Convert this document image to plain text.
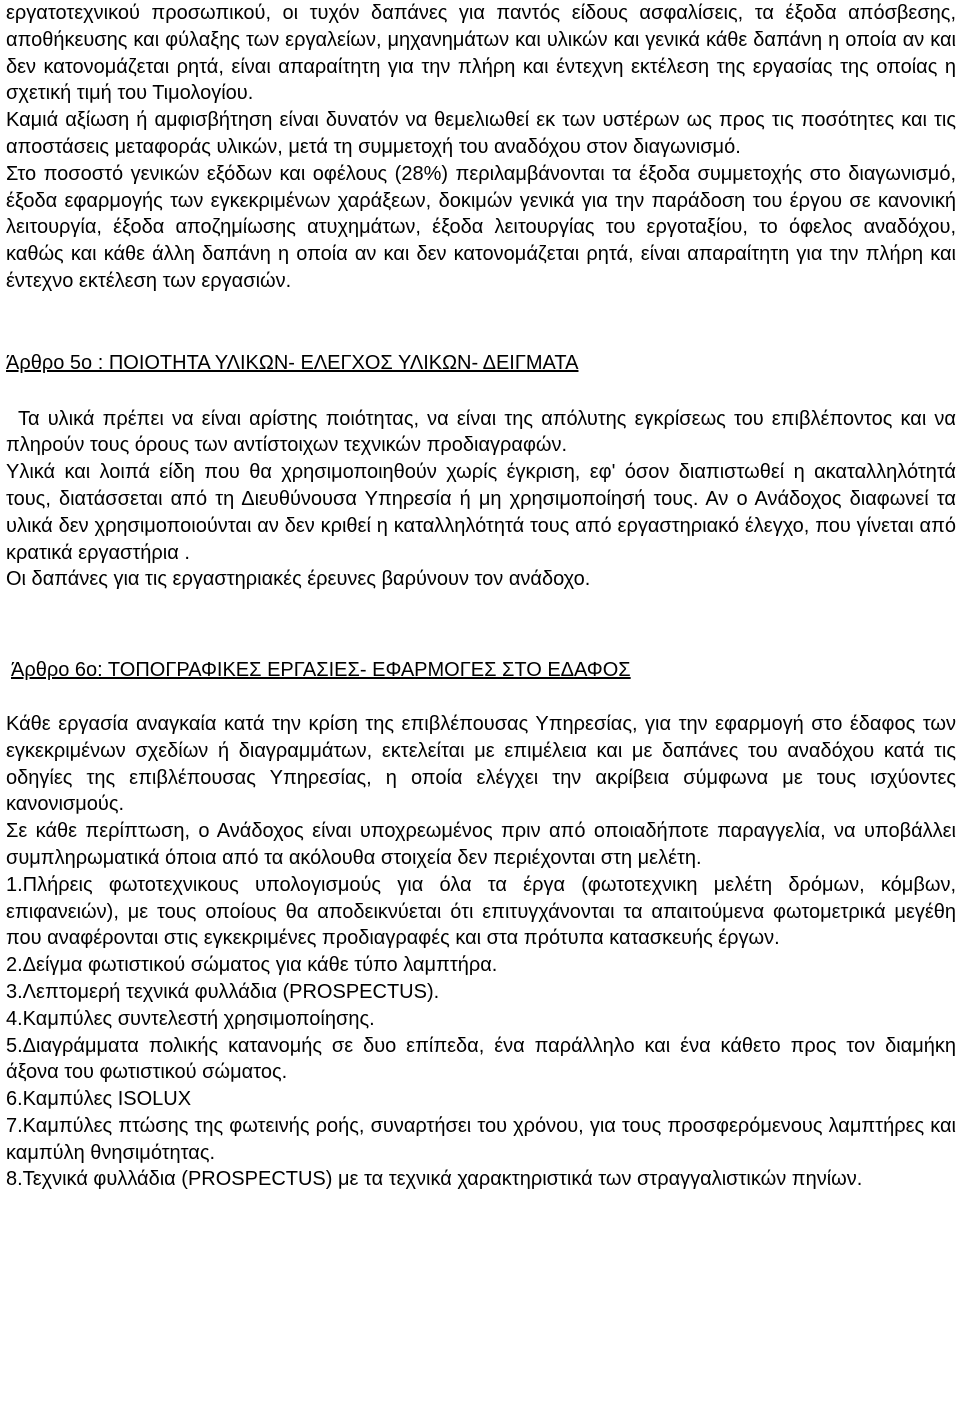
εργατοτεχνικού προσωπικού, οι τυχόν δαπάνες για παντός είδους ασφαλίσεις, τα έξοδα απόσβεσης, αποθήκευσης και φύλαξης των εργαλείων, μηχανημάτων και υλικών και γενικά κάθε δαπάνη η οποία αν και δεν κατονομάζεται ρητά, είναι απαραίτητη για την πλήρη και έντεχνη εκτέλεση της εργασίας της οποίας η σχετική τιμή του Τιμολογίου.

Καμιά αξίωση ή αμφισβήτηση είναι δυνατόν να θεμελιωθεί εκ των υστέρων ως προς τις ποσότητες και τις αποστάσεις μεταφοράς υλικών, μετά τη συμμετοχή του αναδόχου στον διαγωνισμό.

Στο ποσοστό γενικών εξόδων και οφέλους (28%) περιλαμβάνονται τα έξοδα συμμετοχής στο διαγωνισμό, έξοδα εφαρμογής των εγκεκριμένων χαράξεων, δοκιμών γενικά για την παράδοση του έργου σε κανονική λειτουργία, έξοδα αποζημίωσης ατυχημάτων, έξοδα λειτουργίας του εργοταξίου, το όφελος αναδόχου, καθώς και κάθε άλλη δαπάνη η οποία αν και δεν κατονομάζεται ρητά, είναι απαραίτητη για την πλήρη και έντεχνο εκτέλεση των εργασιών.

Άρθρο 5ο : ΠΟΙΟΤΗΤΑ ΥΛΙΚΩΝ- ΕΛΕΓΧΟΣ ΥΛΙΚΩΝ- ΔΕΙΓΜΑΤΑ

Τα υλικά πρέπει να είναι αρίστης ποιότητας, να είναι της απόλυτης εγκρίσεως του επιβλέποντος και να πληρούν τους όρους των αντίστοιχων τεχνικών προδιαγραφών.

Υλικά και λοιπά είδη που θα χρησιμοποιηθούν χωρίς έγκριση, εφ' όσον διαπιστωθεί η ακαταλληλότητά τους, διατάσσεται από τη Διευθύνουσα Υπηρεσία ή μη χρησιμοποίησή τους. Αν ο Ανάδοχος διαφωνεί τα υλικά δεν χρησιμοποιούνται αν δεν κριθεί η καταλληλότητά τους από εργαστηριακό έλεγχο, που γίνεται από κρατικά εργαστήρια .

Οι δαπάνες για τις εργαστηριακές έρευνες βαρύνουν τον ανάδοχο.

Άρθρο 6ο: ΤΟΠΟΓΡΑΦΙΚΕΣ ΕΡΓΑΣΙΕΣ- ΕΦΑΡΜΟΓΕΣ ΣΤΟ ΕΔΑΦΟΣ

Κάθε εργασία αναγκαία κατά την κρίση της επιβλέπουσας Υπηρεσίας, για την εφαρμογή στο έδαφος των εγκεκριμένων σχεδίων ή διαγραμμάτων, εκτελείται με επιμέλεια και με δαπάνες του αναδόχου κατά τις οδηγίες της επιβλέπουσας Υπηρεσίας, η οποία ελέγχει την ακρίβεια σύμφωνα με τους ισχύοντες κανονισμούς.

Σε κάθε περίπτωση, ο Ανάδοχος είναι υποχρεωμένος πριν από οποιαδήποτε παραγγελία, να υποβάλλει συμπληρωματικά όποια από τα ακόλουθα στοιχεία δεν περιέχονται στη μελέτη.

1.Πλήρεις φωτοτεχνικους υπολογισμούς για όλα τα έργα (φωτοτεχνικη μελέτη δρόμων, κόμβων, επιφανειών), με τους οποίους θα αποδεικνύεται ότι επιτυγχάνονται τα απαιτούμενα φωτομετρικά μεγέθη που αναφέρονται στις εγκεκριμένες προδιαγραφές και στα πρότυπα κατασκευής έργων.

2.Δείγμα φωτιστικού σώματος για κάθε τύπο λαμπτήρα.

3.Λεπτομερή τεχνικά φυλλάδια (PROSPECTUS).

4.Καμπύλες συντελεστή χρησιμοποίησης.

5.Διαγράμματα πολικής κατανομής σε δυο επίπεδα, ένα παράλληλο και ένα κάθετο προς τον διαμήκη άξονα του φωτιστικού σώματος.

6.Καμπύλες ISOLUX

7.Καμπύλες πτώσης της φωτεινής ροής, συναρτήσει του χρόνου, για τους προσφερόμενους λαμπτήρες και καμπύλη θνησιμότητας.

8.Τεχνικά φυλλάδια (PROSPECTUS) με τα τεχνικά χαρακτηριστικά των στραγγαλιστικών πηνίων.
